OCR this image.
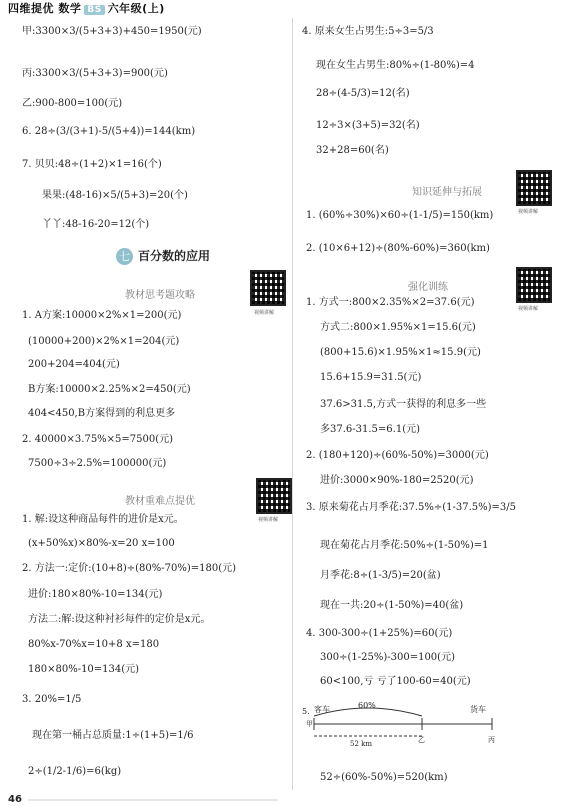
四维提优 数学 BS 六年级(上)
甲:3300×3/(5+3+3)+450=1950(元)
丙:3300×3/(5+3+3)=900(元)
乙:900-800=100(元)
6. 28÷(3/(3+1)-5/(5+4))=144(km)
7. 贝贝:48÷(1+2)×1=16(个)
果果:(48-16)×5/(5+3)=20(个)
丫丫:48-16-20=12(个)
七 百分数的应用
教材思考题攻略
视频讲解
1. A方案:10000×2%×1=200(元)
(10000+200)×2%×1=204(元)
200+204=404(元)
B方案:10000×2.25%×2=450(元)
404<450,B方案得到的利息更多
2. 40000×3.75%×5=7500(元)
7500÷3÷2.5%=100000(元)
教材重难点提优
视频讲解
1. 解:设这种商品每件的进价是x元。
(x+50%x)×80%-x=20 x=100
2. 方法一:定价:(10+8)÷(80%-70%)=180(元)
进价:180×80%-10=134(元)
方法二:解:设这种衬衫每件的定价是x元。
80%x-70%x=10+8 x=180
180×80%-10=134(元)
3. 20%=1/5
现在第一桶占总质量:1÷(1+5)=1/6
2÷(1/2-1/6)=6(kg)
4. 原来女生占男生:5÷3=5/3
现在女生占男生:80%÷(1-80%)=4
28÷(4-5/3)=12(名)
12÷3×(3+5)=32(名)
32+28=60(名)
知识延伸与拓展
视频讲解
1. (60%÷30%)×60÷(1-1/5)=150(km)
2. (10×6+12)÷(80%-60%)=360(km)
强化训练
视频讲解
1. 方式一:800×2.35%×2=37.6(元)
方式二:800×1.95%×1=15.6(元)
(800+15.6)×1.95%×1≈15.9(元)
15.6+15.9=31.5(元)
37.6>31.5,方式一获得的利息多一些
多37.6-31.5=6.1(元)
2. (180+120)÷(60%-50%)=3000(元)
进价:3000×90%-180=2520(元)
3. 原来菊花占月季花:37.5%÷(1-37.5%)=3/5
现在菊花占月季花:50%÷(1-50%)=1
月季花:8÷(1-3/5)=20(盆)
现在一共:20÷(1-50%)=40(盆)
4. 300-300÷(1+25%)=60(元)
300÷(1-25%)-300=100(元)
60<100,亏 亏了100-60=40(元)
5. 客车	货车
60%
52 km
甲
乙	丙
52÷(60%-50%)=520(km)
46
